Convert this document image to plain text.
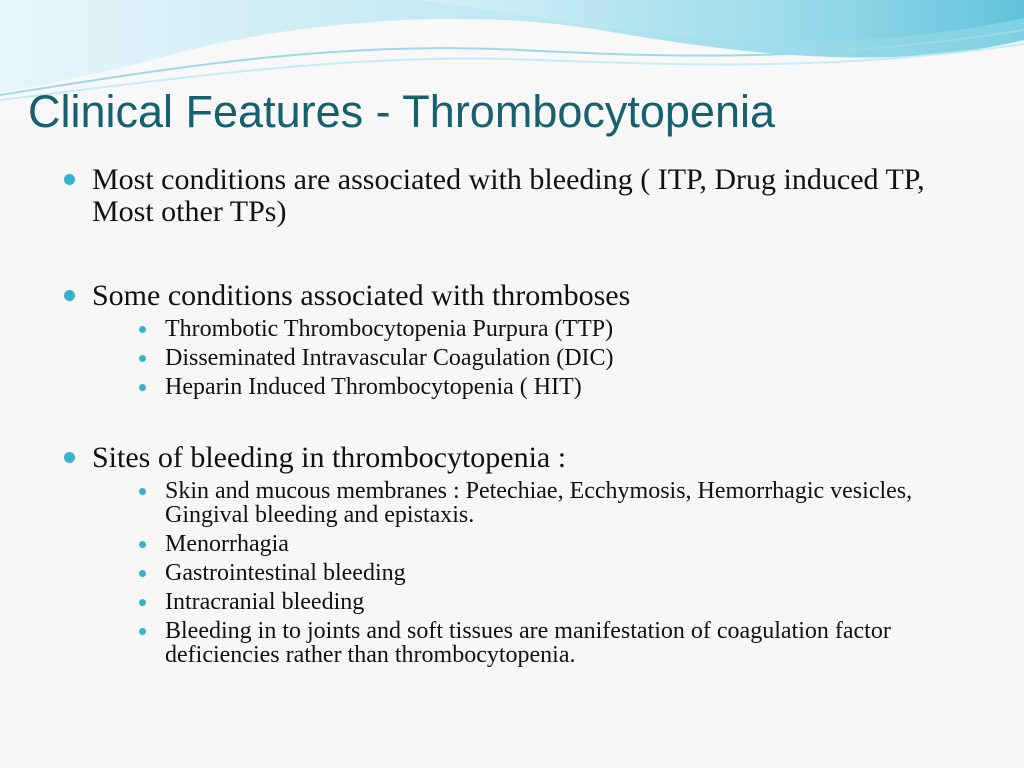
Clinical Features - Thrombocytopenia
Most conditions are associated with bleeding ( ITP, Drug induced TP, Most other TPs)
Some conditions associated with thromboses
Thrombotic Thrombocytopenia Purpura (TTP)
Disseminated Intravascular Coagulation (DIC)
Heparin Induced Thrombocytopenia ( HIT)
Sites of bleeding in thrombocytopenia :
Skin and mucous membranes : Petechiae, Ecchymosis, Hemorrhagic vesicles, Gingival bleeding and epistaxis.
Menorrhagia
Gastrointestinal bleeding
Intracranial bleeding
Bleeding in to joints and soft tissues are manifestation of coagulation factor deficiencies rather than thrombocytopenia.
